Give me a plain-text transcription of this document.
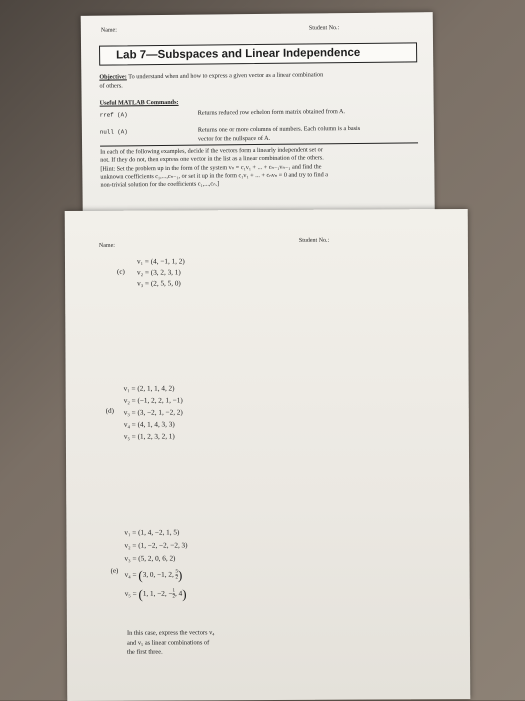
Name:	Student No.:
Lab 7—Subspaces and Linear Independence
Objective: To understand when and how to express a given vector as a linear combination
of others.
Useful MATLAB Commands:
rref (A)	Returns reduced row echelon form matrix obtained from A.
null (A)	Returns one or more columns of numbers. Each column is a basis
vector for the nullspace of A.
In each of the following examples, decide if the vectors form a linearly independent set or
not. If they do not, then express one vector in the list as a linear combination of the others.
[Hint: Set the problem up in the form of the system vₙ = c₁v₁ + ... + cₙ₋₁vₙ₋₁ and find the
unknown coefficients c₁,...,cₙ₋₁, or set it up in the form c₁v₁ + ... + cₙvₙ = 0 and try to find a
non-trivial solution for the coefficients c₁,...,cₙ.]
Name:
Student No.:
(c)
v₁ = (4, −1, 1, 2)
v₂ = (3, 2, 3, 1)
v₃ = (2, 5, 5, 0)
(d)
v₁ = (2, 1, 1, 4, 2)
v₂ = (−1, 2, 2, 1, −1)
v₃ = (3, −2, 1, −2, 2)
v₄ = (4, 1, 4, 3, 3)
v₅ = (1, 2, 3, 2, 1)
(e)
v₁ = (1, 4, −2, 1, 5)
v₂ = (1, −2, −2, −2, 3)
v₃ = (5, 2, 0, 6, 2)
v₄ = (3, 0, −1, 2, $\frac{5}{2}$ )
v₅ = (1, 1, −2, − $\frac{1}{2}$ , 4)
In this case, express the vectors v₄
and v₅ as linear combinations of
the first three.
